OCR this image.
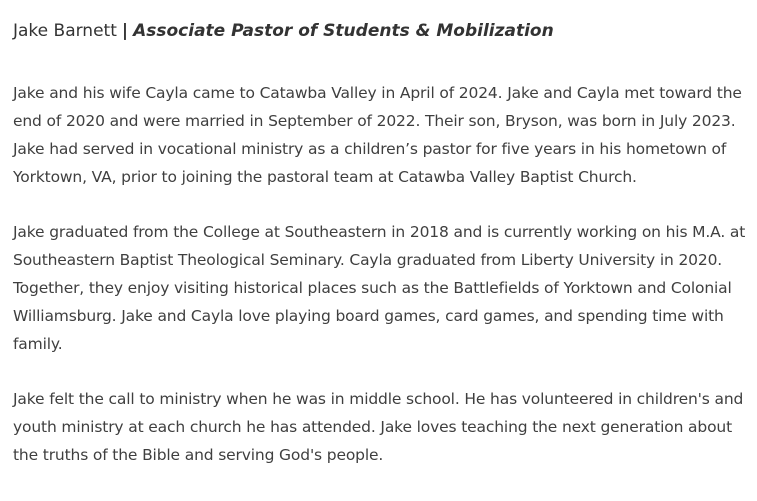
Jake Barnett | Associate Pastor of Students & Mobilization

Jake and his wife Cayla came to Catawba Valley in April of 2024. Jake and Cayla met toward the end of 2020 and were married in September of 2022. Their son, Bryson, was born in July 2023. Jake had served in vocational ministry as a children’s pastor for five years in his hometown of Yorktown, VA, prior to joining the pastoral team at Catawba Valley Baptist Church.

Jake graduated from the College at Southeastern in 2018 and is currently working on his M.A. at Southeastern Baptist Theological Seminary. Cayla graduated from Liberty University in 2020. Together, they enjoy visiting historical places such as the Battlefields of Yorktown and Colonial Williamsburg. Jake and Cayla love playing board games, card games, and spending time with family.

Jake felt the call to ministry when he was in middle school. He has volunteered in children's and youth ministry at each church he has attended. Jake loves teaching the next generation about the truths of the Bible and serving God's people.
